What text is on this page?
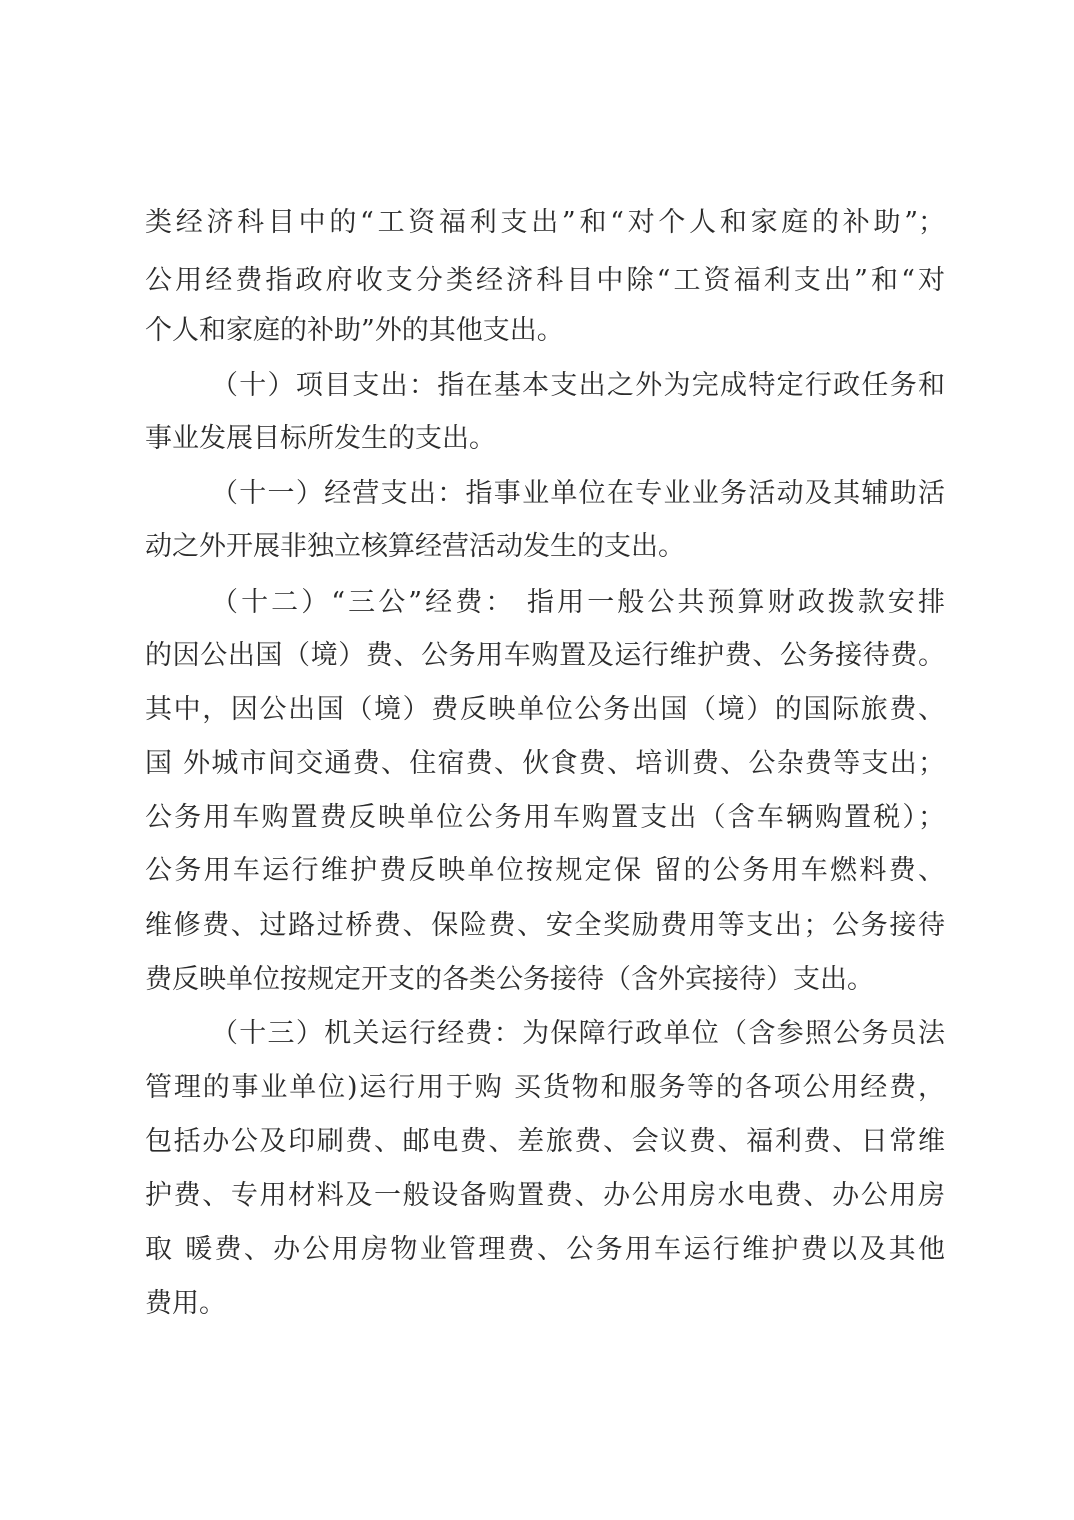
类经济科目中的“工资福利支出”和“对个人和家庭的补助”；
公用经费指政府收支分类经济科目中除“工资福利支出”和“对
个人和家庭的补助”外的其他支出。
（十）项目支出：指在基本支出之外为完成特定行政任务和
事业发展目标所发生的支出。
（十一）经营支出：指事业单位在专业业务活动及其辅助活
动之外开展非独立核算经营活动发生的支出。
（十二）“三公”经费： 指用一般公共预算财政拨款安排
的因公出国（境）费、公务用车购置及运行维护费、公务接待费。
其中，因公出国（境）费反映单位公务出国（境）的国际旅费、
国 外城市间交通费、住宿费、伙食费、培训费、公杂费等支出；
公务用车购置费反映单位公务用车购置支出（含车辆购置税）；
公务用车运行维护费反映单位按规定保 留的公务用车燃料费、
维修费、过路过桥费、保险费、安全奖励费用等支出；公务接待
费反映单位按规定开支的各类公务接待（含外宾接待）支出。
（十三）机关运行经费：为保障行政单位（含参照公务员法
管理的事业单位)运行用于购 买货物和服务等的各项公用经费，
包括办公及印刷费、邮电费、差旅费、会议费、福利费、日常维
护费、专用材料及一般设备购置费、办公用房水电费、办公用房
取 暖费、办公用房物业管理费、公务用车运行维护费以及其他
费用。
